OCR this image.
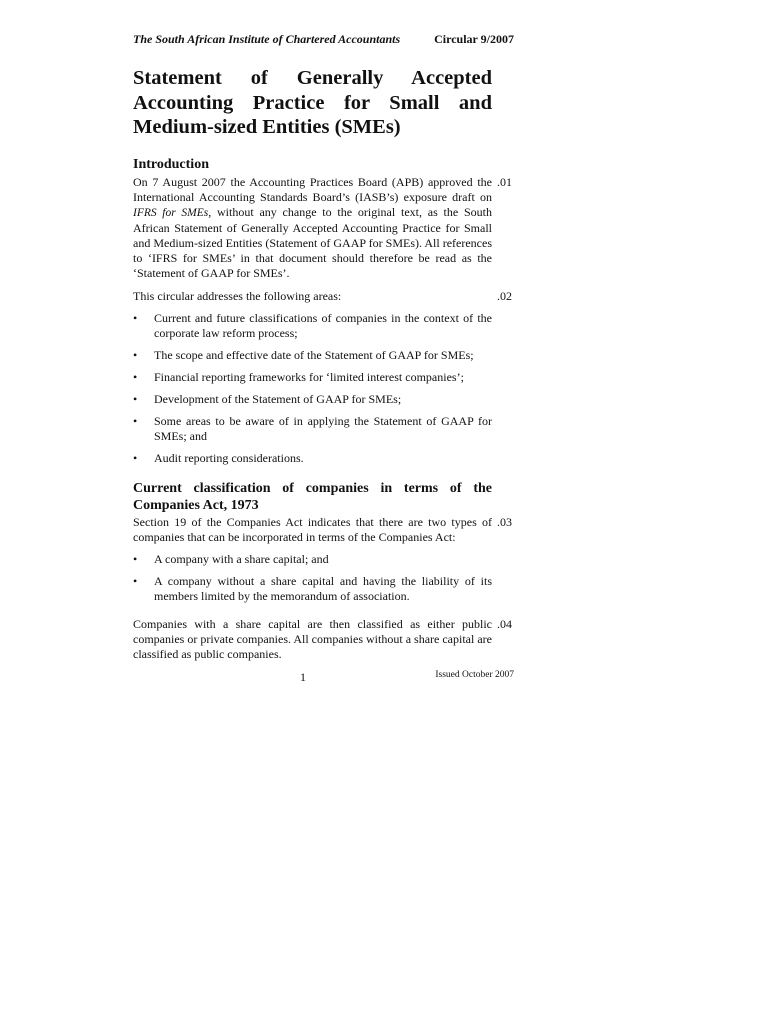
The South African Institute of Chartered Accountants	Circular 9/2007
Statement of Generally Accepted Accounting Practice for Small and Medium-sized Entities (SMEs)
Introduction

On 7 August 2007 the Accounting Practices Board (APB) approved the International Accounting Standards Board’s (IASB’s) exposure draft on IFRS for SMEs, without any change to the original text, as the South African Statement of Generally Accepted Accounting Practice for Small and Medium-sized Entities (Statement of GAAP for SMEs). All references to ‘IFRS for SMEs’ in that document should therefore be read as the ‘Statement of GAAP for SMEs’.

.01

This circular addresses the following areas:	.02
• Current and future classifications of companies in the context of the corporate law reform process;
• The scope and effective date of the Statement of GAAP for SMEs;
• Financial reporting frameworks for ‘limited interest companies’;
• Development of the Statement of GAAP for SMEs;
• Some areas to be aware of in applying the Statement of GAAP for SMEs; and
• Audit reporting considerations.
Current classification of companies in terms of the Companies Act, 1973

Section 19 of the Companies Act indicates that there are two types of companies that can be incorporated in terms of the Companies Act:

.03
• A company with a share capital; and
• A company without a share capital and having the liability of its members limited by the memorandum of association.

Companies with a share capital are then classified as either public companies or private companies. All companies without a share capital are classified as public companies.

.04
1	Issued October 2007
